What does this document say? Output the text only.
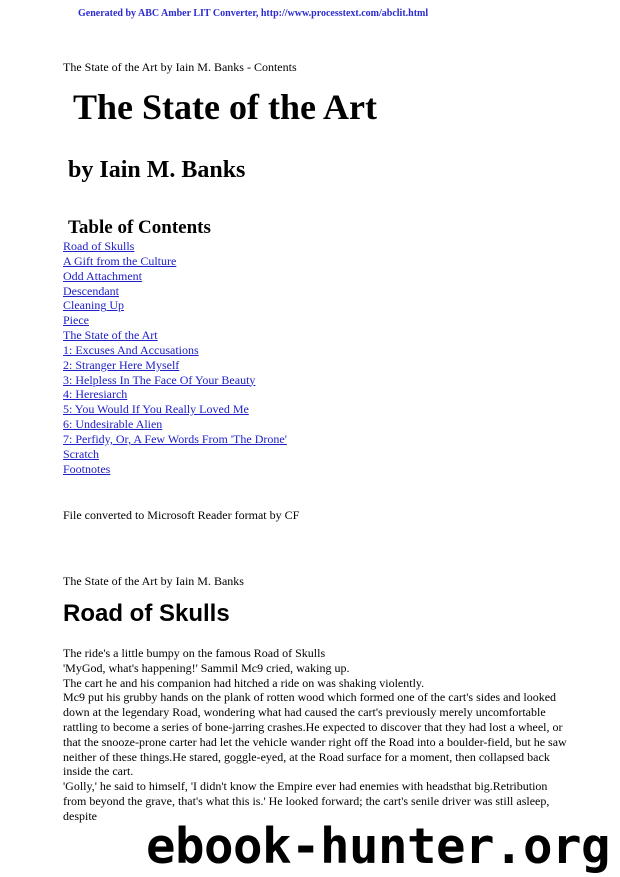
Generated by ABC Amber LIT Converter, http://www.processtext.com/abclit.html
The State of the Art by Iain M. Banks - Contents
The State of the Art
by Iain M. Banks
Table of Contents
Road of Skulls
A Gift from the Culture
Odd Attachment
Descendant
Cleaning Up
Piece
The State of the Art
1: Excuses And Accusations
2: Stranger Here Myself
3: Helpless In The Face Of Your Beauty
4: Heresiarch
5: You Would If You Really Loved Me
6: Undesirable Alien
7: Perfidy, Or, A Few Words From 'The Drone'
Scratch
Footnotes
File converted to Microsoft Reader format by CF
The State of the Art by Iain M. Banks
Road of Skulls

The ride's a little bumpy on the famous Road of Skulls

'MyGod, what's happening!' Sammil Mc9 cried, waking up.

The cart he and his companion had hitched a ride on was shaking violently.

Mc9 put his grubby hands on the plank of rotten wood which formed one of the cart's sides and looked down at the legendary Road, wondering what had caused the cart's previously merely uncomfortable rattling to become a series of bone-jarring crashes.He expected to discover that they had lost a wheel, or that the snooze-prone carter had let the vehicle wander right off the Road into a boulder-field, but he saw neither of these things.He stared, goggle-eyed, at the Road surface for a moment, then collapsed back inside the cart.

'Golly,' he said to himself, 'I didn't know the Empire ever had enemies with headsthat big.Retribution from beyond the grave, that's what this is.' He looked forward; the cart's senile driver was still asleep, despite

ebook-hunter.org
